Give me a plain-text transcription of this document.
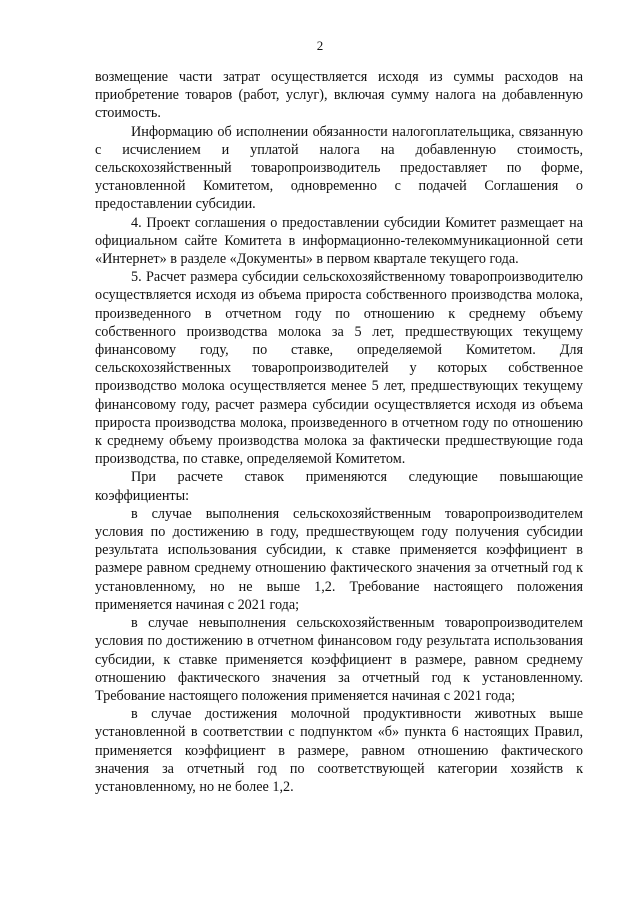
2

возмещение части затрат осуществляется исходя из суммы расходов на приобретение товаров (работ, услуг), включая сумму налога на добавленную стоимость.

Информацию об исполнении обязанности налогоплательщика, связанную с исчислением и уплатой налога на добавленную стоимость, сельскохозяйственный товаропроизводитель предоставляет по форме, установленной Комитетом, одновременно с подачей Соглашения о предоставлении субсидии.

4. Проект соглашения о предоставлении субсидии Комитет размещает на официальном сайте Комитета в информационно-телекоммуникационной сети «Интернет» в разделе «Документы» в первом квартале текущего года.

5. Расчет размера субсидии сельскохозяйственному товаропроизводителю осуществляется исходя из объема прироста собственного производства молока, произведенного в отчетном году по отношению к среднему объему собственного производства молока за 5 лет, предшествующих текущему финансовому году, по ставке, определяемой Комитетом. Для сельскохозяйственных товаропроизводителей у которых собственное производство молока осуществляется менее 5 лет, предшествующих текущему финансовому году, расчет размера субсидии осуществляется исходя из объема прироста производства молока, произведенного в отчетном году по отношению к среднему объему производства молока за фактически предшествующие года производства, по ставке, определяемой Комитетом.

При расчете ставок применяются следующие повышающие коэффициенты:

в случае выполнения сельскохозяйственным товаропроизводителем условия по достижению в году, предшествующем году получения субсидии результата использования субсидии, к ставке применяется коэффициент в размере равном среднему отношению фактического значения за отчетный год к установленному, но не выше 1,2. Требование настоящего положения применяется начиная с 2021 года;

в случае невыполнения сельскохозяйственным товаропроизводителем условия по достижению в отчетном финансовом году результата использования субсидии, к ставке применяется коэффициент в размере, равном среднему отношению фактического значения за отчетный год к установленному. Требование настоящего положения применяется начиная с 2021 года;

в случае достижения молочной продуктивности животных выше установленной в соответствии с подпунктом «б» пункта 6 настоящих Правил, применяется коэффициент в размере, равном отношению фактического значения за отчетный год по соответствующей категории хозяйств к установленному, но не более 1,2.
